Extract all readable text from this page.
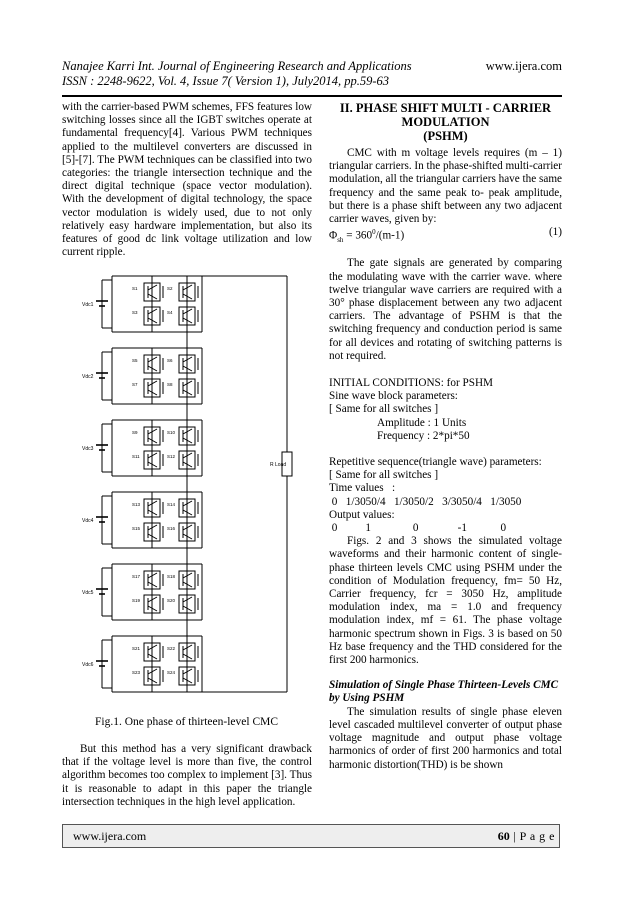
Nanajee Karri Int. Journal of Engineering Research and Applications	www.ijera.com
ISSN : 2248-9622, Vol. 4, Issue 7( Version 1), July2014, pp.59-63

with the carrier-based PWM schemes, FFS features low switching losses since all the IGBT switches operate at fundamental frequency[4]. Various PWM techniques applied to the multilevel converters are discussed in [5]-[7]. The PWM techniques can be classified into two categories: the triangle intersection technique and the direct digital technique (space vector modulation). With the development of digital technology, the space vector modulation is widely used, due to not only relatively easy hardware implementation, but also its features of good dc link voltage utilization and low current ripple.

Vdc1
S1	S2
S3	S4
Vdc2
S5	S6
S7	S8
Vdc3
S9	S10
S11	S12
Vdc4
S13	S14
S15	S16
Vdc5
S17	S18
S19	S20
Vdc6
S21	S22
S23	S24
R Load
Fig.1. One phase of thirteen-level CMC

But this method has a very significant drawback that if the voltage level is more than five, the control algorithm becomes too complex to implement [3]. Thus it is reasonable to adapt in this paper the triangle intersection techniques in the high level application.

II. PHASE SHIFT MULTI - CARRIER MODULATION
(PSHM)

CMC with m voltage levels requires (m – 1) triangular carriers. In the phase-shifted multi-carrier modulation, all the triangular carriers have the same frequency and the same peak to- peak amplitude, but there is a phase shift between any two adjacent carrier waves, given by:

$\Phi_{sh} = 360^0/(m-1)$	(1)

The gate signals are generated by comparing the modulating wave with the carrier wave. where twelve triangular wave carriers are required with a 30° phase displacement between any two adjacent carriers. The advantage of PSHM is that the switching frequency and conduction period is same for all devices and rotating of switching patterns is not required.

INITIAL CONDITIONS: for PSHM
Sine wave block parameters:
[ Same for all switches ]
Amplitude : 1 Units
Frequency : 2*pi*50
Repetitive sequence(triangle wave) parameters:
[ Same for all switches ]
Time values   :
0   1/3050/4   1/3050/2   3/3050/4   1/3050
Output values:
0          1               0              -1            0

Figs. 2 and 3 shows the simulated voltage waveforms and their harmonic content of single-phase thirteen levels CMC using PSHM under the condition of Modulation frequency, fm= 50 Hz, Carrier frequency, fcr = 3050 Hz, amplitude modulation index, ma = 1.0 and frequency modulation index, mf = 61. The phase voltage harmonic spectrum shown in Figs. 3 is based on 50 Hz base frequency and the THD considered for the first 200 harmonics.

Simulation of Single Phase Thirteen-Levels CMC by Using PSHM

The simulation results of single phase eleven level cascaded multilevel converter of output phase voltage magnitude and output phase voltage harmonics of order of first 200 harmonics and total harmonic distortion(THD) is be shown

www.ijera.com	60 | P a g e
